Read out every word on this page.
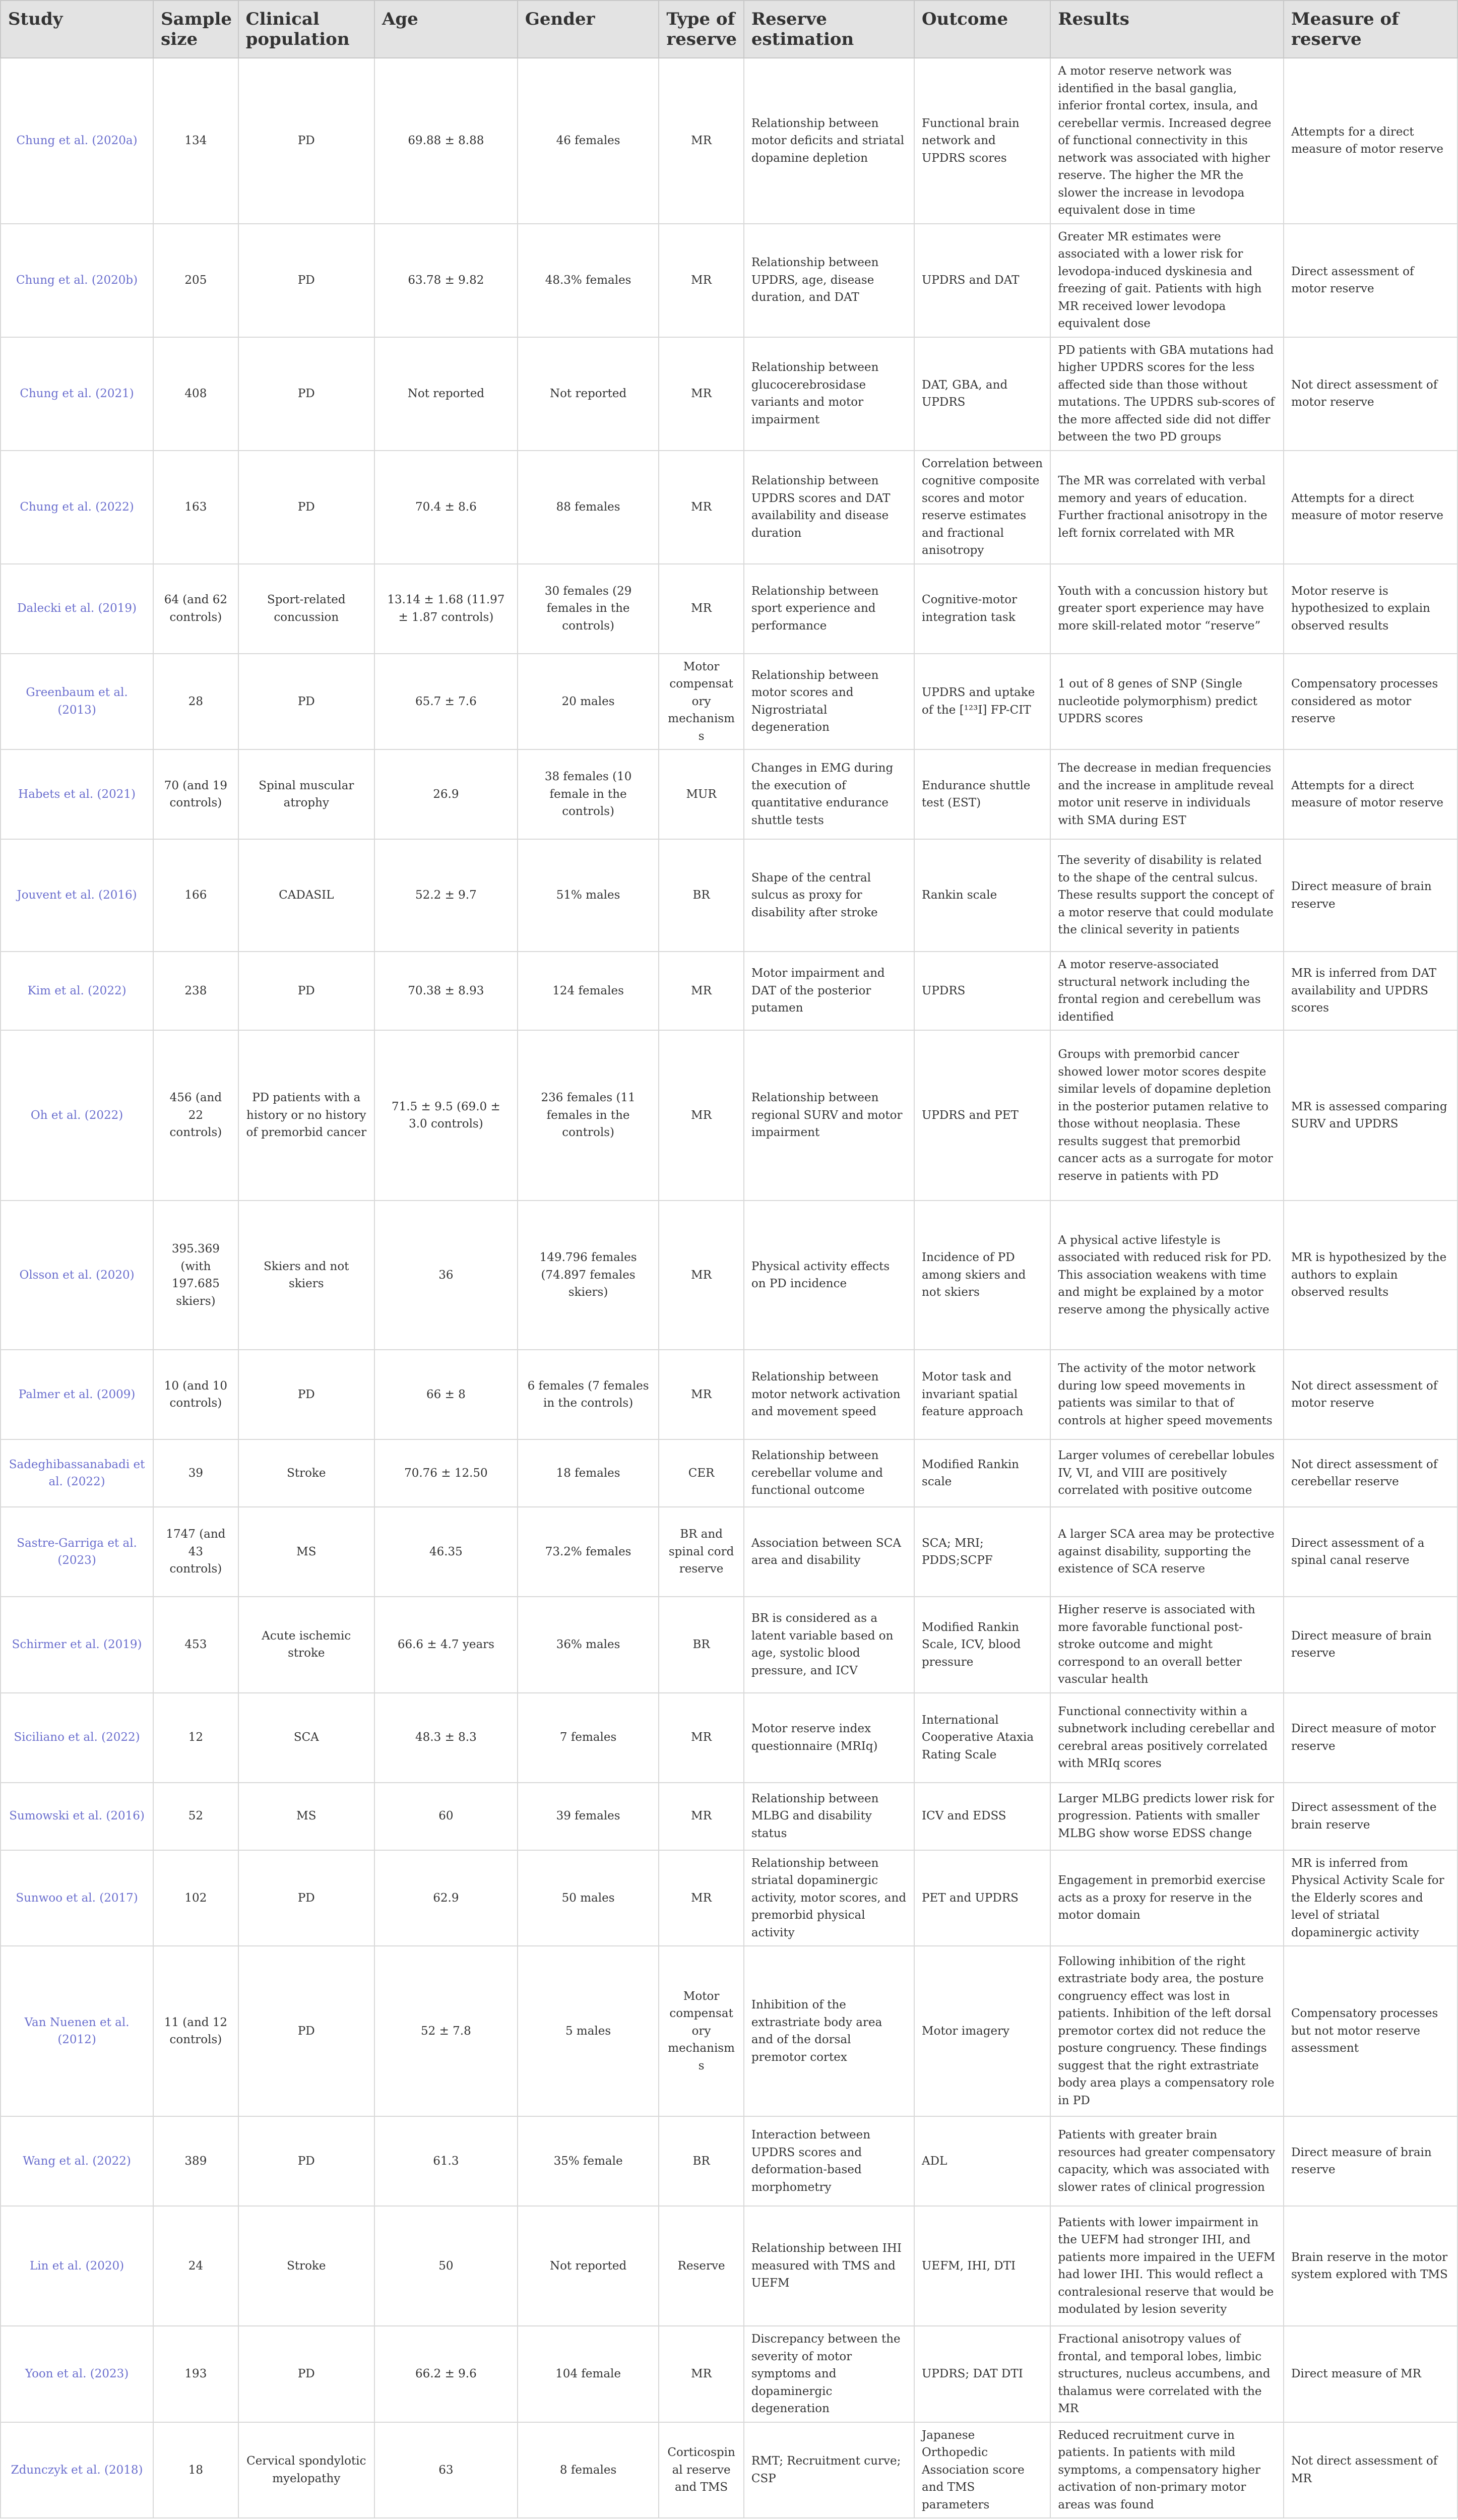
Study	Sample size	Clinical population	Age	Gender	Type of reserve	Reserve estimation	Outcome	Results	Measure of reserve
Chung et al. (2020a)	134	PD	69.88 ± 8.88	46 females	MR	Relationship between motor deficits and striatal dopamine depletion	Functional brain network and UPDRS scores	A motor reserve network was identified in the basal ganglia, inferior frontal cortex, insula, and cerebellar vermis. Increased degree of functional connectivity in this network was associated with higher reserve. The higher the MR the slower the increase in levodopa equivalent dose in time	Attempts for a direct measure of motor reserve
Chung et al. (2020b)	205	PD	63.78 ± 9.82	48.3% females	MR	Relationship between UPDRS, age, disease duration, and DAT	UPDRS and DAT	Greater MR estimates were associated with a lower risk for levodopa-induced dyskinesia and freezing of gait. Patients with high MR received lower levodopa equivalent dose	Direct assessment of motor reserve
Chung et al. (2021)	408	PD	Not reported	Not reported	MR	Relationship between glucocerebrosidase variants and motor impairment	DAT, GBA, and UPDRS	PD patients with GBA mutations had higher UPDRS scores for the less affected side than those without mutations. The UPDRS sub-scores of the more affected side did not differ between the two PD groups	Not direct assessment of motor reserve
Chung et al. (2022)	163	PD	70.4 ± 8.6	88 females	MR	Relationship between UPDRS scores and DAT availability and disease duration	Correlation between cognitive composite scores and motor reserve estimates and fractional anisotropy	The MR was correlated with verbal memory and years of education. Further fractional anisotropy in the left fornix correlated with MR	Attempts for a direct measure of motor reserve
Dalecki et al. (2019)	64 (and 62 controls)	Sport-related concussion	13.14 ± 1.68 (11.97 ± 1.87 controls)	30 females (29 females in the controls)	MR	Relationship between sport experience and performance	Cognitive-motor integration task	Youth with a concussion history but greater sport experience may have more skill-related motor “reserve”	Motor reserve is hypothesized to explain observed results
Greenbaum et al. (2013)	28	PD	65.7 ± 7.6	20 males	Motor compensatory mechanisms	Relationship between motor scores and Nigrostriatal degeneration	UPDRS and uptake of the [¹²³I] FP-CIT	1 out of 8 genes of SNP (Single nucleotide polymorphism) predict UPDRS scores	Compensatory processes considered as motor reserve
Habets et al. (2021)	70 (and 19 controls)	Spinal muscular atrophy	26.9	38 females (10 female in the controls)	MUR	Changes in EMG during the execution of quantitative endurance shuttle tests	Endurance shuttle test (EST)	The decrease in median frequencies and the increase in amplitude reveal motor unit reserve in individuals with SMA during EST	Attempts for a direct measure of motor reserve
Jouvent et al. (2016)	166	CADASIL	52.2 ± 9.7	51% males	BR	Shape of the central sulcus as proxy for disability after stroke	Rankin scale	The severity of disability is related to the shape of the central sulcus. These results support the concept of a motor reserve that could modulate the clinical severity in patients	Direct measure of brain reserve
Kim et al. (2022)	238	PD	70.38 ± 8.93	124 females	MR	Motor impairment and DAT of the posterior putamen	UPDRS	A motor reserve-associated structural network including the frontal region and cerebellum was identified	MR is inferred from DAT availability and UPDRS scores
Oh et al. (2022)	456 (and 22 controls)	PD patients with a history or no history of premorbid cancer	71.5 ± 9.5 (69.0 ± 3.0 controls)	236 females (11 females in the controls)	MR	Relationship between regional SURV and motor impairment	UPDRS and PET	Groups with premorbid cancer showed lower motor scores despite similar levels of dopamine depletion in the posterior putamen relative to those without neoplasia. These results suggest that premorbid cancer acts as a surrogate for motor reserve in patients with PD	MR is assessed comparing SURV and UPDRS
Olsson et al. (2020)	395.369 (with 197.685 skiers)	Skiers and not skiers	36	149.796 females (74.897 females skiers)	MR	Physical activity effects on PD incidence	Incidence of PD among skiers and not skiers	A physical active lifestyle is associated with reduced risk for PD. This association weakens with time and might be explained by a motor reserve among the physically active	MR is hypothesized by the authors to explain observed results
Palmer et al. (2009)	10 (and 10 controls)	PD	66 ± 8	6 females (7 females in the controls)	MR	Relationship between motor network activation and movement speed	Motor task and invariant spatial feature approach	The activity of the motor network during low speed movements in patients was similar to that of controls at higher speed movements	Not direct assessment of motor reserve
Sadeghibassanabadi et al. (2022)	39	Stroke	70.76 ± 12.50	18 females	CER	Relationship between cerebellar volume and functional outcome	Modified Rankin scale	Larger volumes of cerebellar lobules IV, VI, and VIII are positively correlated with positive outcome	Not direct assessment of cerebellar reserve
Sastre-Garriga et al. (2023)	1747 (and 43 controls)	MS	46.35	73.2% females	BR and spinal cord reserve	Association between SCA area and disability	SCA; MRI; PDDS;SCPF	A larger SCA area may be protective against disability, supporting the existence of SCA reserve	Direct assessment of a spinal canal reserve
Schirmer et al. (2019)	453	Acute ischemic stroke	66.6 ± 4.7 years	36% males	BR	BR is considered as a latent variable based on age, systolic blood pressure, and ICV	Modified Rankin Scale, ICV, blood pressure	Higher reserve is associated with more favorable functional post-stroke outcome and might correspond to an overall better vascular health	Direct measure of brain reserve
Siciliano et al. (2022)	12	SCA	48.3 ± 8.3	7 females	MR	Motor reserve index questionnaire (MRIq)	International Cooperative Ataxia Rating Scale	Functional connectivity within a subnetwork including cerebellar and cerebral areas positively correlated with MRIq scores	Direct measure of motor reserve
Sumowski et al. (2016)	52	MS	60	39 females	MR	Relationship between MLBG and disability status	ICV and EDSS	Larger MLBG predicts lower risk for progression. Patients with smaller MLBG show worse EDSS change	Direct assessment of the brain reserve
Sunwoo et al. (2017)	102	PD	62.9	50 males	MR	Relationship between striatal dopaminergic activity, motor scores, and premorbid physical activity	PET and UPDRS	Engagement in premorbid exercise acts as a proxy for reserve in the motor domain	MR is inferred from Physical Activity Scale for the Elderly scores and level of striatal dopaminergic activity
Van Nuenen et al. (2012)	11 (and 12 controls)	PD	52 ± 7.8	5 males	Motor compensatory mechanisms	Inhibition of the extrastriate body area and of the dorsal premotor cortex	Motor imagery	Following inhibition of the right extrastriate body area, the posture congruency effect was lost in patients. Inhibition of the left dorsal premotor cortex did not reduce the posture congruency. These findings suggest that the right extrastriate body area plays a compensatory role in PD	Compensatory processes but not motor reserve assessment
Wang et al. (2022)	389	PD	61.3	35% female	BR	Interaction between UPDRS scores and deformation-based morphometry	ADL	Patients with greater brain resources had greater compensatory capacity, which was associated with slower rates of clinical progression	Direct measure of brain reserve
Lin et al. (2020)	24	Stroke	50	Not reported	Reserve	Relationship between IHI measured with TMS and UEFM	UEFM, IHI, DTI	Patients with lower impairment in the UEFM had stronger IHI, and patients more impaired in the UEFM had lower IHI. This would reflect a contralesional reserve that would be modulated by lesion severity	Brain reserve in the motor system explored with TMS
Yoon et al. (2023)	193	PD	66.2 ± 9.6	104 female	MR	Discrepancy between the severity of motor symptoms and dopaminergic degeneration	UPDRS; DAT DTI	Fractional anisotropy values of frontal, and temporal lobes, limbic structures, nucleus accumbens, and thalamus were correlated with the MR	Direct measure of MR
Zdunczyk et al. (2018)	18	Cervical spondylotic myelopathy	63	8 females	Corticospinal reserve and TMS	RMT; Recruitment curve; CSP	Japanese Orthopedic Association score and TMS parameters	Reduced recruitment curve in patients. In patients with mild symptoms, a compensatory higher activation of non-primary motor areas was found	Not direct assessment of MR
